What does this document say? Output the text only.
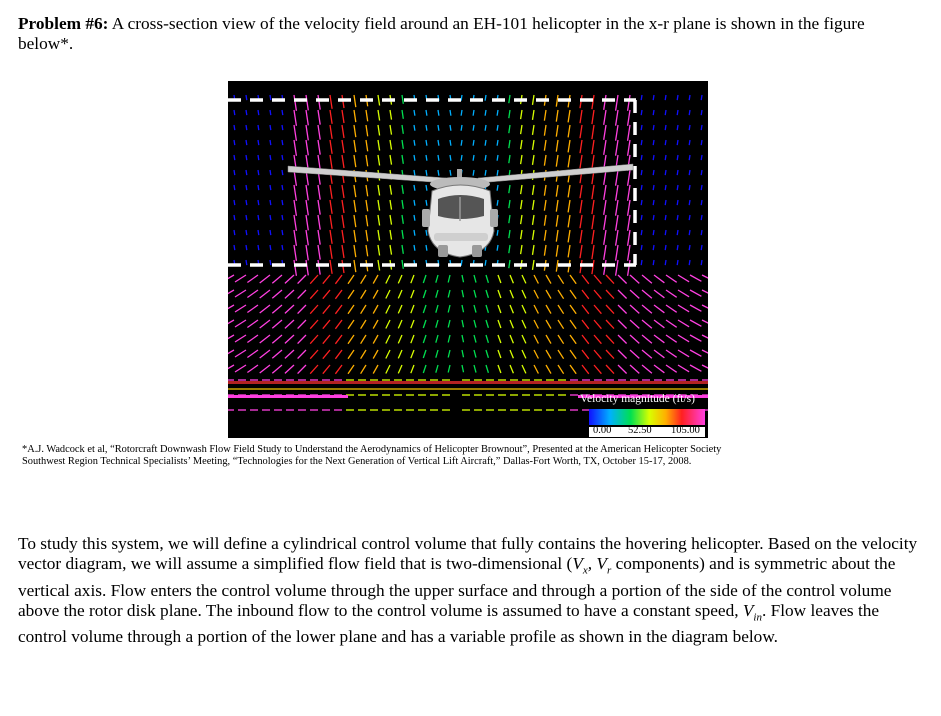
Problem #6: A cross-section view of the velocity field around an EH-101 helicopter in the x-r plane is shown in the figure below*.
Velocity magnitude (ft/s)
0.00 52.50 105.00
*A.J. Wadcock et al, “Rotorcraft Downwash Flow Field Study to Understand the Aerodynamics of Helicopter Brownout”, Presented at the American Helicopter Society Southwest Region Technical Specialists’ Meeting, “Technologies for the Next Generation of Vertical Lift Aircraft,” Dallas-Fort Worth, TX, October 15-17, 2008.
To study this system, we will define a cylindrical control volume that fully contains the hovering helicopter. Based on the velocity vector diagram, we will assume a simplified flow field that is two-dimensional ($V_x$, $V_r$ components) and is symmetric about the vertical axis. Flow enters the control volume through the upper surface and through a portion of the side of the control volume above the rotor disk plane. The inbound flow to the control volume is assumed to have a constant speed, $V_{in}$. Flow leaves the control volume through a portion of the lower plane and has a variable profile as shown in the diagram below.
